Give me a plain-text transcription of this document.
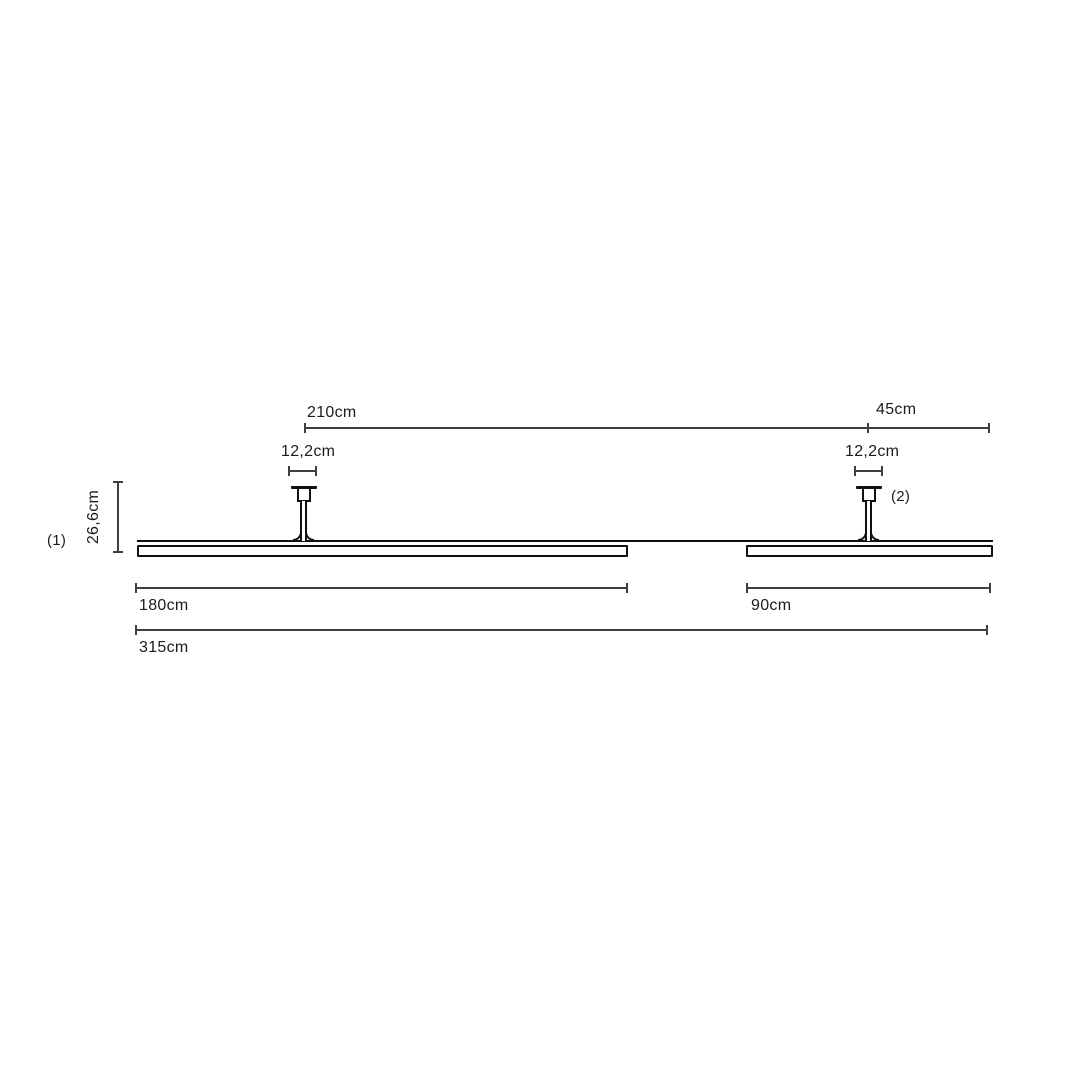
(1)
(2)
210cm	45cm
12,2cm	12,2cm
26,6cm
180cm	90cm
315cm
